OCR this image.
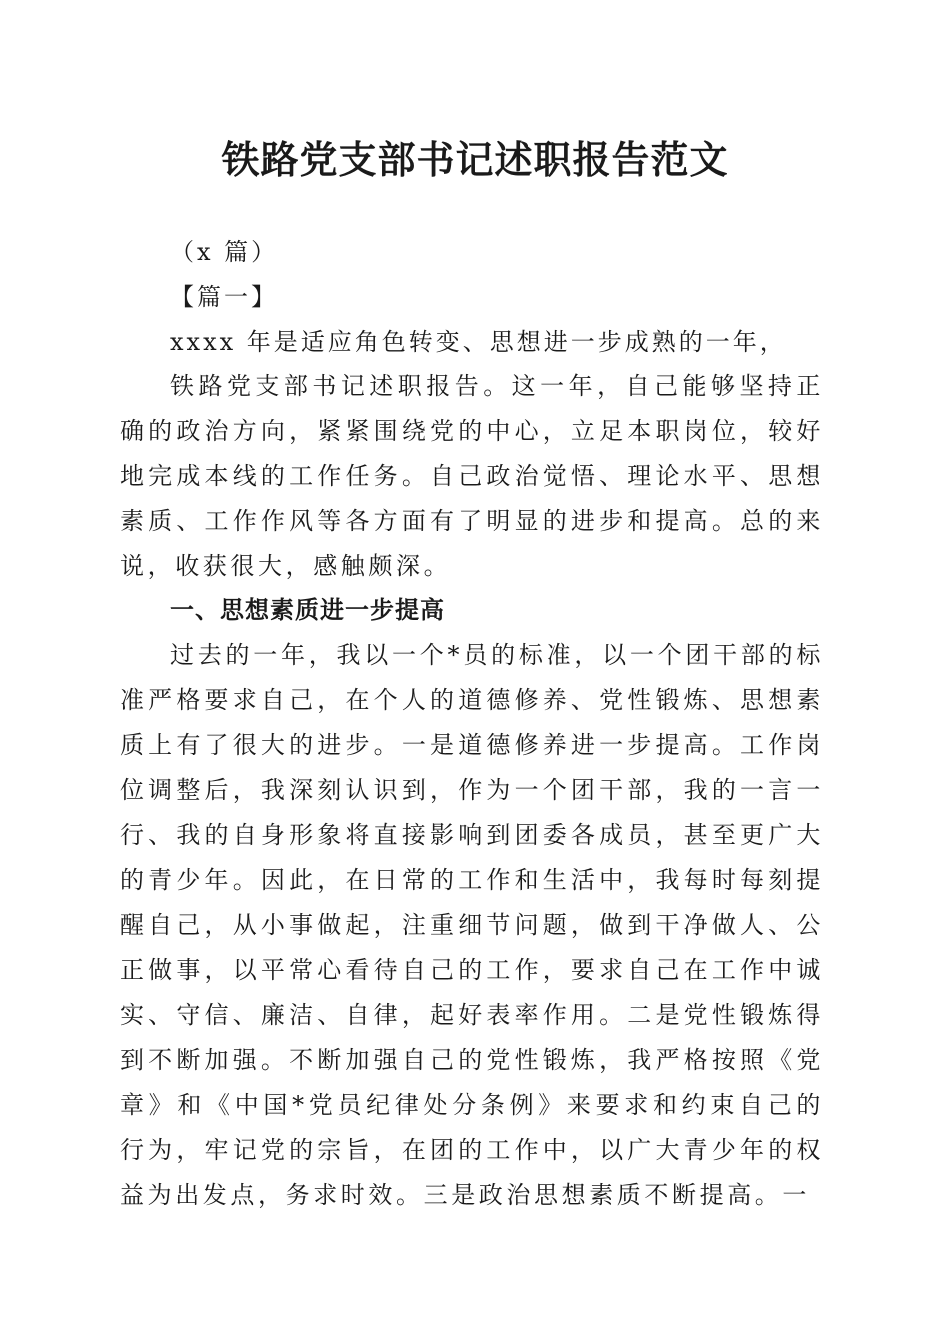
铁路党支部书记述职报告范文

（x 篇）

【篇一】

xxxx 年是适应角色转变、思想进一步成熟的一年，

铁路党支部书记述职报告。这一年，自己能够坚持正确的政治方向，紧紧围绕党的中心，立足本职岗位，较好地完成本线的工作任务。自己政治觉悟、理论水平、思想素质、工作作风等各方面有了明显的进步和提高。总的来说，收获很大，感触颇深。

一、思想素质进一步提高

过去的一年，我以一个*员的标准，以一个团干部的标准严格要求自己，在个人的道德修养、党性锻炼、思想素质上有了很大的进步。一是道德修养进一步提高。工作岗位调整后，我深刻认识到，作为一个团干部，我的一言一行、我的自身形象将直接影响到团委各成员，甚至更广大的青少年。因此，在日常的工作和生活中，我每时每刻提醒自己，从小事做起，注重细节问题，做到干净做人、公正做事，以平常心看待自己的工作，要求自己在工作中诚实、守信、廉洁、自律，起好表率作用。二是党性锻炼得到不断加强。不断加强自己的党性锻炼，我严格按照《党章》和《中国*党员纪律处分条例》来要求和约束自己的行为，牢记党的宗旨，在团的工作中，以广大青少年的权益为出发点，务求时效。三是政治思想素质不断提高。一
